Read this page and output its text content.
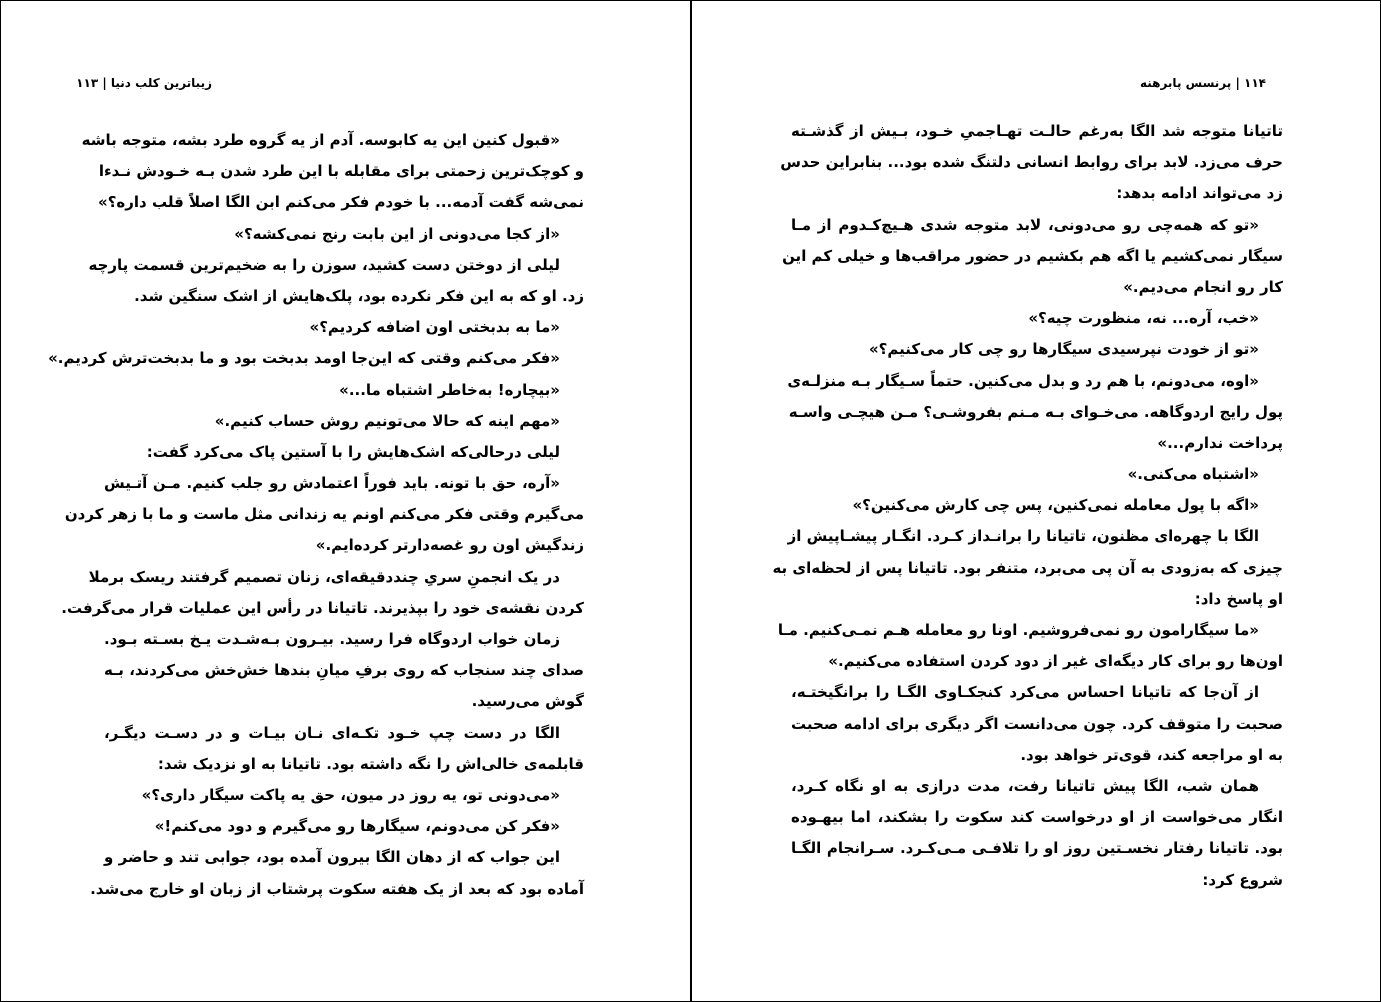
زیباترین کلب دنیا | ۱۱۳
«قبول کنین این یه کابوسه. آدم از یه گروه طرد بشه، متوجه باشه
و کوچک‌ترین زحمتی برای مقابله با این طرد شدن بـه خـودش نـدءا
نمی‌شه گفت آدمه... با خودم فکر می‌کنم ابن الگا اصلاً قلب داره؟»
«از کجا می‌دونی از این بابت رنج نمی‌کشه؟»
لیلی از دوختن دست کشید، سوزن را به ضخیم‌ترین قسمت پارچه
زد. او که به این فکر نکرده بود، پلک‌هایش از اشک سنگین شد.
«ما به بدبختی اون اضافه کردیم؟»
«فکر می‌کنم وقتی که این‌جا اومد بدبخت بود و ما بدبخت‌ترش کردیم.»
«بیچاره! به‌خاطر اشتباه ما...»
«مهم اینه که حالا می‌تونیم روش حساب کنیم.»
لیلی درحالی‌که اشک‌هایش را با آستین پاک می‌کرد گفت:
«آره، حق با تونه. باید فوراً اعتمادش رو جلب کنیم. مـن آتـیش
می‌گیرم وقتی فکر می‌کنم اونم یه زندانی مثل ماست و ما با زهر کردن
زندگیش اون رو غصه‌دارتر کرده‌ایم.»
در یک انجمنِ سریِ چنددقیقه‌ای، زنان تصمیم گرفتند ریسک برملا
کردن نقشه‌ی خود را بپذیرند. تاتیانا در رأس این عملیات قرار می‌گرفت.
زمان خواب اردوگاه فرا رسید. بیـرون بـه‌شـدت یـخ بسـته بـود.
صدای چند سنجاب که روی برفِ میانِ بندها خش‌خش می‌کردند، بـه
گوش می‌رسید.
الگا در دست چپ خـود تکـه‌ای نـان بیـات و در دسـت دیگـر،
قابلمه‌ی خالی‌اش را نگه داشته بود. تاتیانا به او نزدیک شد:
«می‌دونی تو، یه روز در میون، حق یه پاکت سیگار داری؟»
«فکر کن می‌دونم، سیگارها رو می‌گیرم و دود می‌کنم!»
این جواب که از دهان الگا بیرون آمده بود، جوابی تند و حاضر و
آماده بود که بعد از یک هفته سکوت پرشتاب از زبان او خارج می‌شد.
۱۱۴ | پرنسس پابرهنه
تاتیانا متوجه شد الگا به‌رغم حالـت تهـاجمیِ خـود، بـیش از گذشـته
حرف می‌زد. لابد برای روابط انسانی دلتنگ شده بود... بنابراین حدس
زد می‌تواند ادامه بدهد:
«تو که همه‌چی رو می‌دونی، لابد متوجه شدی هـیچ‌کـدوم از مـا
سیگار نمی‌کشیم یا اگه هم بکشیم در حضور مراقب‌ها و خیلی کم این
کار رو انجام می‌دیم.»
«خب، آره... نه، منظورت چیه؟»
«تو از خودت نپرسیدی سیگارها رو چی کار می‌کنیم؟»
«اوه، می‌دونم، با هم رد و بدل می‌کنین. حتماً سـیگار بـه منزلـه‌ی
پول رایج اردوگاهه. می‌خـوای بـه مـنم بفروشـی؟ مـن هیچـی واسـه
پرداخت ندارم...»
«اشتباه می‌کنی.»
«اگه با پول معامله نمی‌کنین، پس چی کارش می‌کنین؟»
الگا با چهره‌ای مظنون، تاتیانا را برانـداز کـرد. انگـار پیشـاپیش از
چیزی که به‌زودی به آن پی می‌برد، متنفر بود. تاتیانا پس از لحظه‌ای به
او پاسخ داد:
«ما سیگارامون رو نمی‌فروشیم. اونا رو معامله هـم نمـی‌کنیم. مـا
اون‌ها رو برای کار دیگه‌ای غیر از دود کردن استفاده می‌کنیم.»
از آن‌جا که تاتیانا احساس می‌کرد کنجکـاوی الگـا را برانگیختـه،
صحبت را متوقف کرد. چون می‌دانست اگر دیگری برای ادامه صحبت
به او مراجعه کند، قوی‌تر خواهد بود.
همان شب، الگا پیش تاتیانا رفت، مدت درازی به او نگاه کـرد،
انگار می‌خواست از او درخواست کند سکوت را بشکند، اما بیهـوده
بود. تاتیانا رفتار نخسـتین روز او را تلافـی مـی‌کـرد. سـرانجام الگـا
شروع کرد:
